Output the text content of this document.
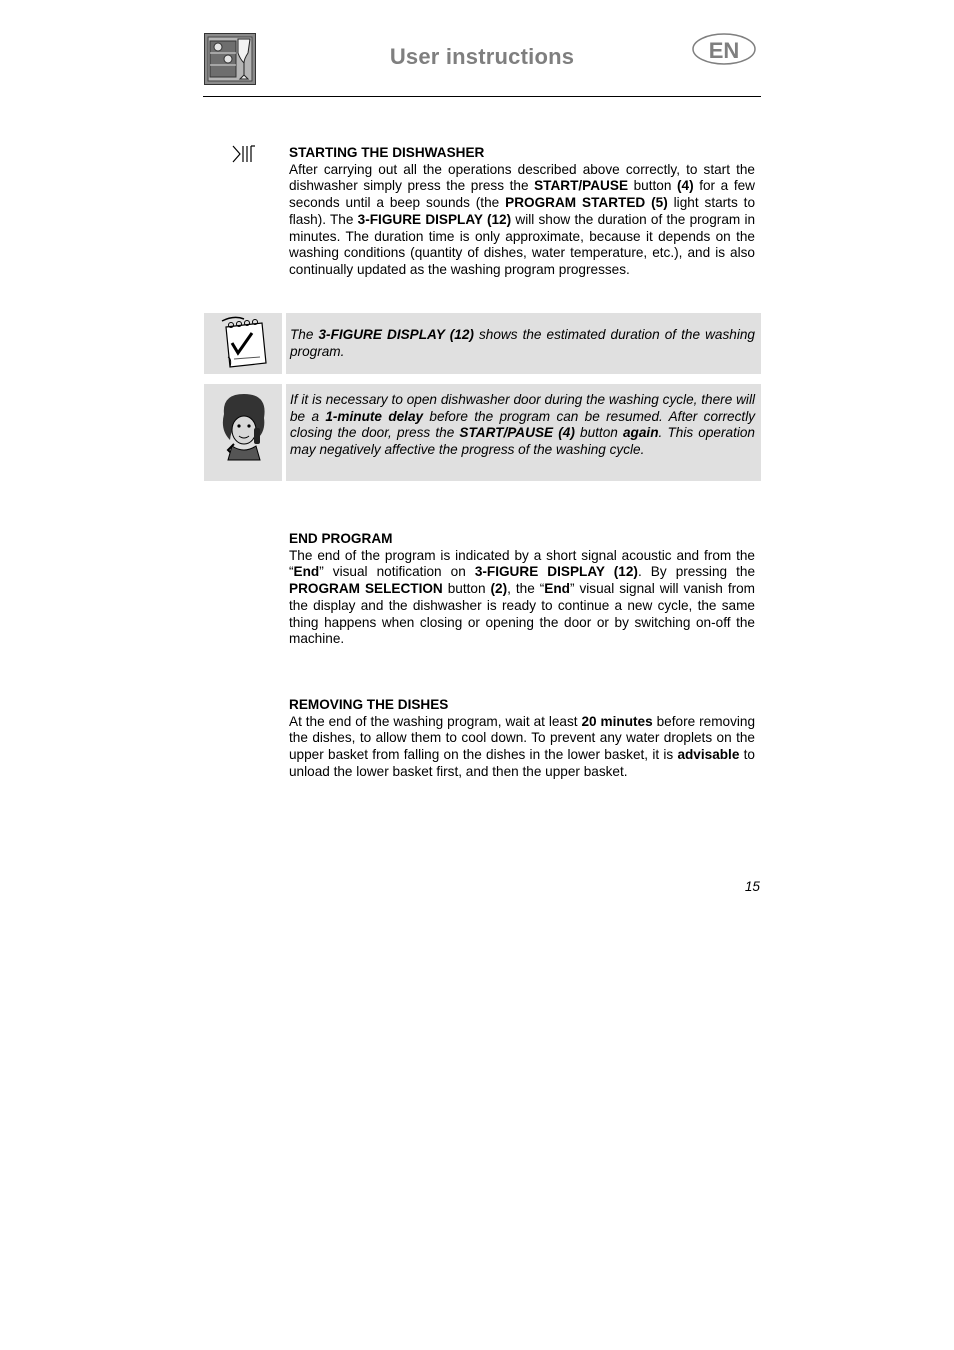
User instructions	EN
STARTING THE DISHWASHER

After carrying out all the operations described above correctly, to start the dishwasher simply press the press the START/PAUSE button (4) for a few seconds until a beep sounds (the PROGRAM STARTED (5) light starts to flash). The 3-FIGURE DISPLAY (12) will show the duration of the program in minutes. The duration time is only approximate, because it depends on the washing conditions (quantity of dishes, water temperature, etc.), and is also continually updated as the washing program progresses.

The 3-FIGURE DISPLAY (12) shows the estimated duration of the washing program.

If it is necessary to open dishwasher door during the washing cycle, there will be a 1-minute delay before the program can be resumed. After correctly closing the door, press the START/PAUSE (4) button again. This operation may negatively affective the progress of the washing cycle.

END PROGRAM

The end of the program is indicated by a short signal acoustic and from the “End” visual notification on 3-FIGURE DISPLAY (12). By pressing the PROGRAM SELECTION button (2), the “End” visual signal will vanish from the display and the dishwasher is ready to continue a new cycle, the same thing happens when closing or opening the door or by switching on-off the machine.

REMOVING THE DISHES

At the end of the washing program, wait at least 20 minutes before removing the dishes, to allow them to cool down. To prevent any water droplets on the upper basket from falling on the dishes in the lower basket, it is advisable to unload the lower basket first, and then the upper basket.

15
